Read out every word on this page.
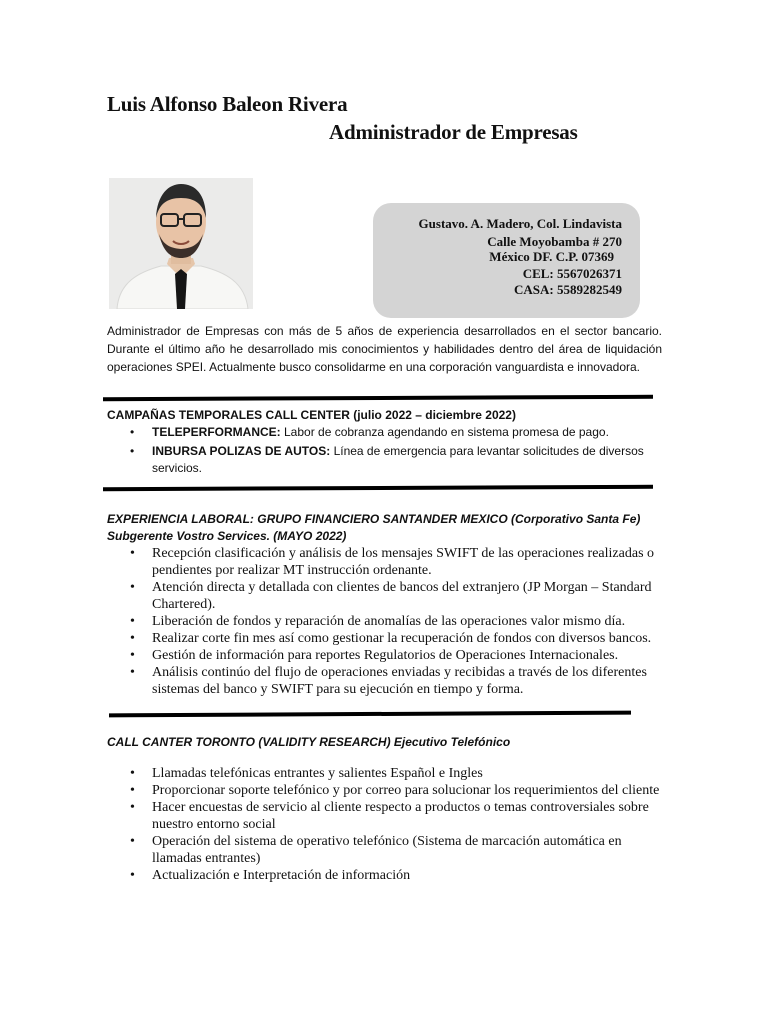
Luis Alfonso Baleon Rivera
Administrador de Empresas
Gustavo. A. Madero, Col. Lindavista
Calle Moyobamba # 270
México DF. C.P. 07369
CEL: 5567026371
CASA: 5589282549
Administrador de Empresas con más de 5 años de experiencia desarrollados en el sector bancario. Durante el último año he desarrollado mis conocimientos y habilidades dentro del área de liquidación operaciones SPEI. Actualmente busco consolidarme en una corporación vanguardista e innovadora.
CAMPAÑAS TEMPORALES CALL CENTER (julio 2022 – diciembre 2022)
• TELEPERFORMANCE: Labor de cobranza agendando en sistema promesa de pago.
• INBURSA POLIZAS DE AUTOS: Línea de emergencia para levantar solicitudes de diversos servicios.
EXPERIENCIA LABORAL: GRUPO FINANCIERO SANTANDER MEXICO (Corporativo Santa Fe)
Subgerente Vostro Services. (MAYO 2022)
• Recepción clasificación y análisis de los mensajes SWIFT de las operaciones realizadas o pendientes por realizar MT instrucción ordenante.
• Atención directa y detallada con clientes de bancos del extranjero (JP Morgan – Standard Chartered).
• Liberación de fondos y reparación de anomalías de las operaciones valor mismo día.
• Realizar corte fin mes así como gestionar la recuperación de fondos con diversos bancos.
• Gestión de información para reportes Regulatorios de Operaciones Internacionales.
• Análisis continúo del flujo de operaciones enviadas y recibidas a través de los diferentes sistemas del banco y SWIFT para su ejecución en tiempo y forma.
CALL CANTER TORONTO (VALIDITY RESEARCH) Ejecutivo Telefónico
• Llamadas telefónicas entrantes y salientes Español e Ingles
• Proporcionar soporte telefónico y por correo para solucionar los requerimientos del cliente
• Hacer encuestas de servicio al cliente respecto a productos o temas controversiales sobre nuestro entorno social
• Operación del sistema de operativo telefónico (Sistema de marcación automática en llamadas entrantes)
• Actualización e Interpretación de información
